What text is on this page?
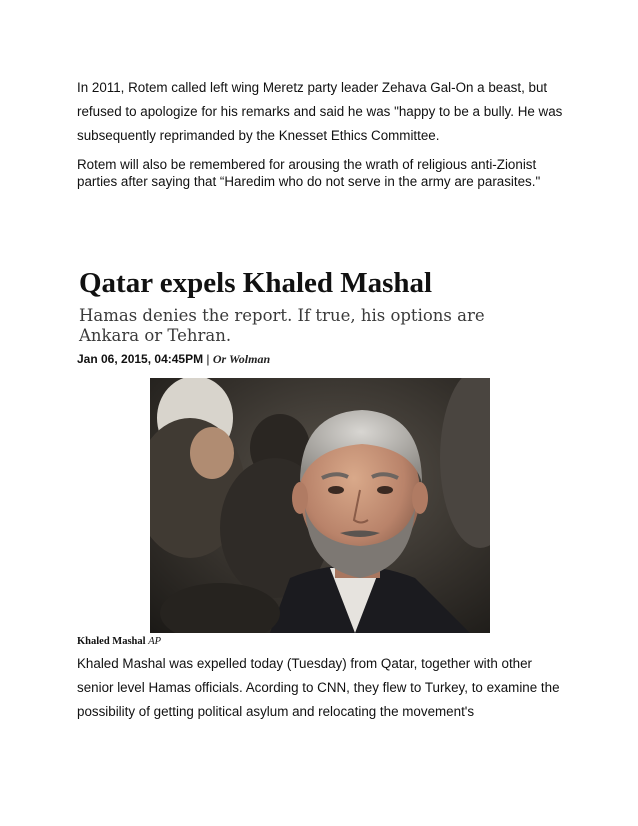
In 2011, Rotem called left wing Meretz party leader Zehava Gal-On a beast, but refused to apologize for his remarks and said he was "happy to be a bully. He was subsequently reprimanded by the Knesset Ethics Committee.

Rotem will also be remembered for arousing the wrath of religious anti-Zionist parties after saying that “Haredim who do not serve in the army are parasites."

Qatar expels Khaled Mashal

Hamas denies the report. If true, his options are Ankara or Tehran.

Jan 06, 2015, 04:45PM | Or Wolman

Khaled Mashal AP

Khaled Mashal was expelled today (Tuesday) from Qatar, together with other senior level Hamas officials. Acording to CNN, they flew to Turkey, to examine the possibility of getting political asylum and relocating the movement's
